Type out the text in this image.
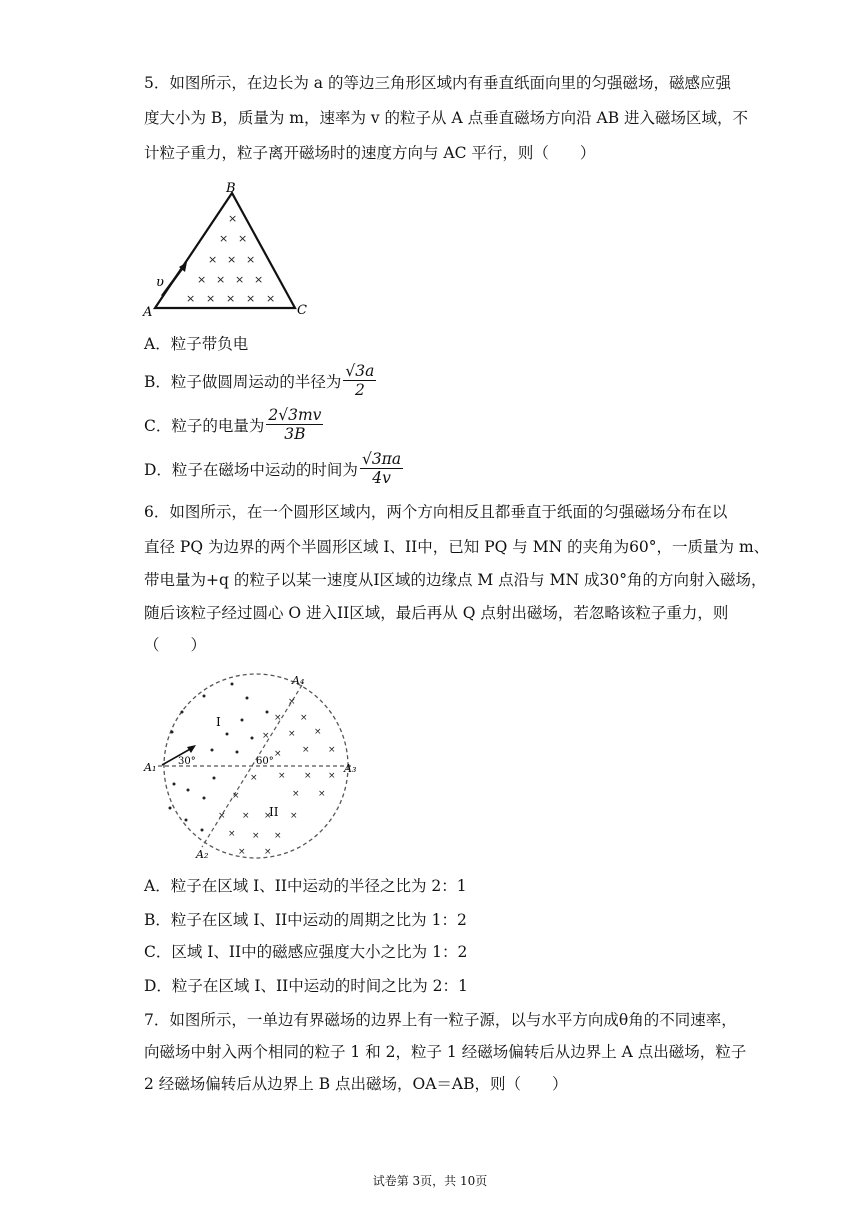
5．如图所示，在边长为 a 的等边三角形区域内有垂直纸面向里的匀强磁场，磁感应强
度大小为 B，质量为 m，速率为 v 的粒子从 A 点垂直磁场方向沿 AB 进入磁场区域，不
计粒子重力，粒子离开磁场时的速度方向与 AC 平行，则（　　）
×
× ×
× × ×
× × × ×
× × × × ×
B
A	C
υ
A．粒子带负电
B．粒子做圆周运动的半径为 $\frac{√3a}{2}$
C．粒子的电量为 $\frac{2√3mv}{3B}$
D．粒子在磁场中运动的时间为 $\frac{√3\pi a}{4v}$
6．如图所示，在一个圆形区域内，两个方向相反且都垂直于纸面的匀强磁场分布在以
直径 PQ 为边界的两个半圆形区域 I、II中，已知 PQ 与 MN 的夹角为60°，一质量为 m、
带电量为+q 的粒子以某一速度从I区域的边缘点 M 点沿与 MN 成30°角的方向射入磁场，
随后该粒子经过圆心 O 进入II区域，最后再从 Q 点射出磁场，若忽略该粒子重力，则
（　　）
×
× ×
× × ×
× × ×
× × × ×
×	× ×
× × × ×
× × ×
× ×
I
II
30°	60°
A₁
A₂
A₃
A₄
A．粒子在区域 I、II中运动的半径之比为 2：1
B．粒子在区域 I、II中运动的周期之比为 1：2
C．区域 I、II中的磁感应强度大小之比为 1：2
D．粒子在区域 I、II中运动的时间之比为 2：1
7．如图所示，一单边有界磁场的边界上有一粒子源，以与水平方向成θ角的不同速率，
向磁场中射入两个相同的粒子 1 和 2，粒子 1 经磁场偏转后从边界上 A 点出磁场，粒子
2 经磁场偏转后从边界上 B 点出磁场，OA＝AB，则（　　）
试卷第 3页，共 10页
